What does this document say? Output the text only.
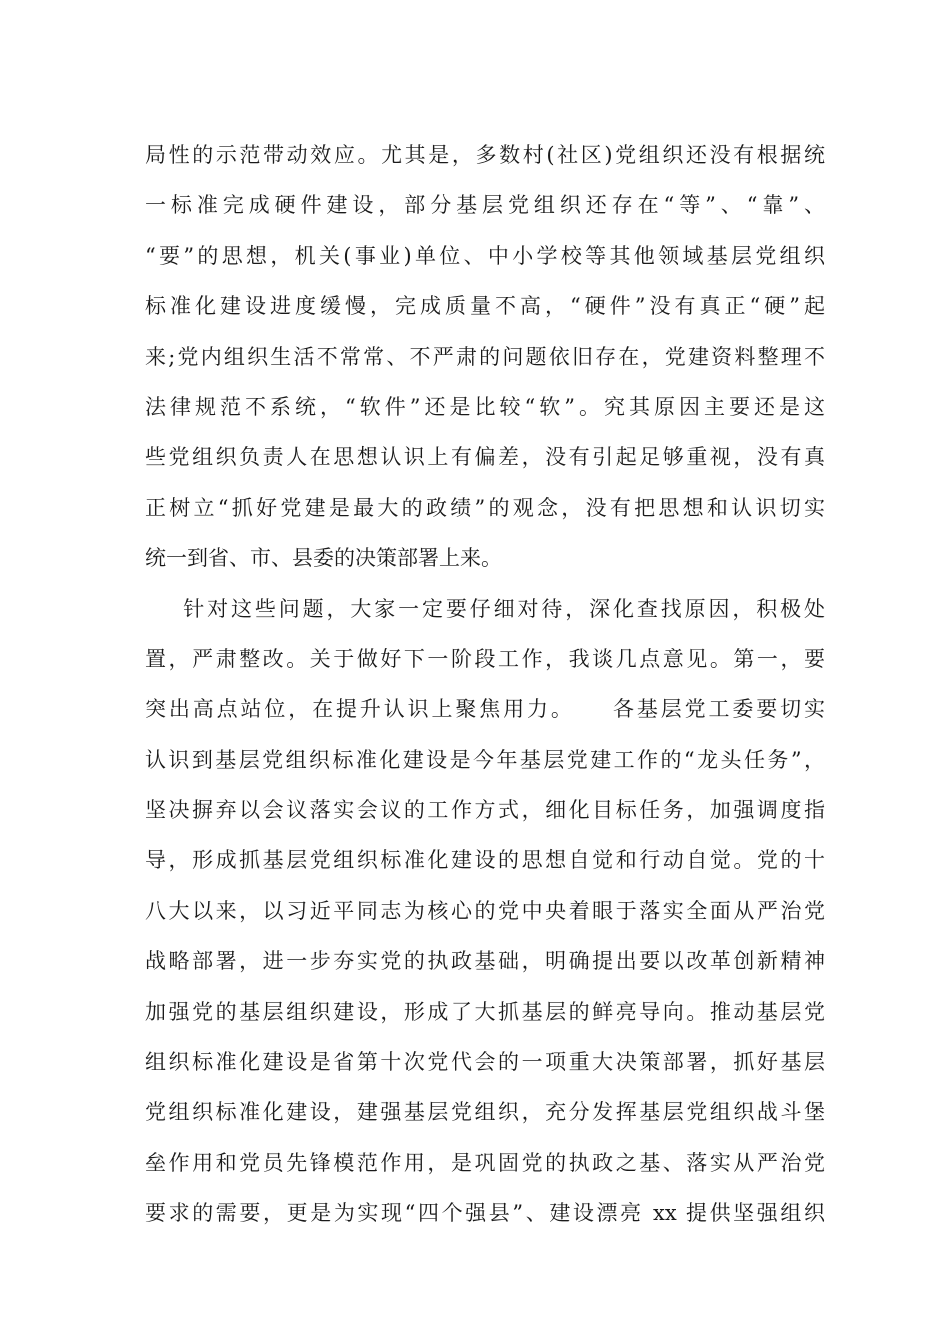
局性的示范带动效应。尤其是，多数村(社区)党组织还没有根据统
一标准完成硬件建设，部分基层党组织还存在“等”、“靠”、
“要”的思想，机关(事业)单位、中小学校等其他领域基层党组织
标准化建设进度缓慢，完成质量不高，“硬件”没有真正“硬”起
来;党内组织生活不常常、不严肃的问题依旧存在，党建资料整理不
法律规范不系统，“软件”还是比较“软”。究其原因主要还是这
些党组织负责人在思想认识上有偏差，没有引起足够重视，没有真
正树立“抓好党建是最大的政绩”的观念，没有把思想和认识切实
统一到省、市、县委的决策部署上来。
针对这些问题，大家一定要仔细对待，深化查找原因，积极处
置，严肃整改。关于做好下一阶段工作，我谈几点意见。第一，要
突出高点站位，在提升认识上聚焦用力。    各基层党工委要切实
认识到基层党组织标准化建设是今年基层党建工作的“龙头任务”，
坚决摒弃以会议落实会议的工作方式，细化目标任务，加强调度指
导，形成抓基层党组织标准化建设的思想自觉和行动自觉。党的十
八大以来，以习近平同志为核心的党中央着眼于落实全面从严治党
战略部署，进一步夯实党的执政基础，明确提出要以改革创新精神
加强党的基层组织建设，形成了大抓基层的鲜亮导向。推动基层党
组织标准化建设是省第十次党代会的一项重大决策部署，抓好基层
党组织标准化建设，建强基层党组织，充分发挥基层党组织战斗堡
垒作用和党员先锋模范作用，是巩固党的执政之基、落实从严治党
要求的需要，更是为实现“四个强县”、建设漂亮 xx 提供坚强组织
